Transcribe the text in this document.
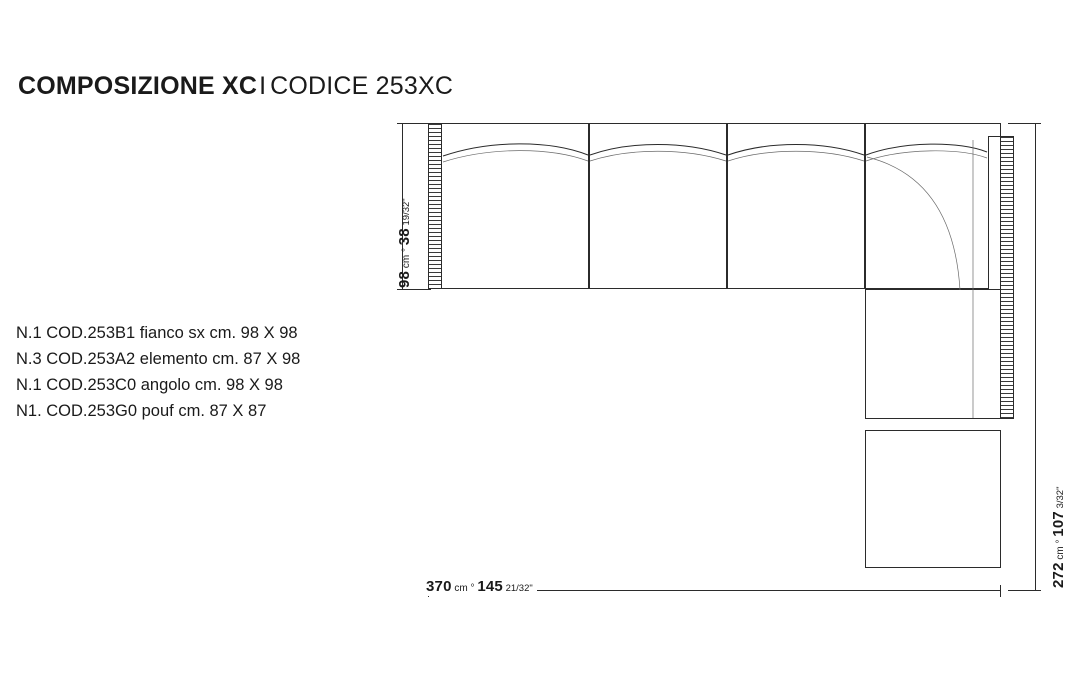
COMPOSIZIONE XCI CODICE 253XC
N.1 COD.253B1 fianco sx cm. 98 X 98
N.3 COD.253A2 elemento cm. 87 X 98
N.1 COD.253C0 angolo cm. 98 X 98
N1. COD.253G0 pouf cm. 87 X 87
98 cm ° 38 19/32"
370 cm ° 145 21/32"
272 cm ° 107 3/32"
